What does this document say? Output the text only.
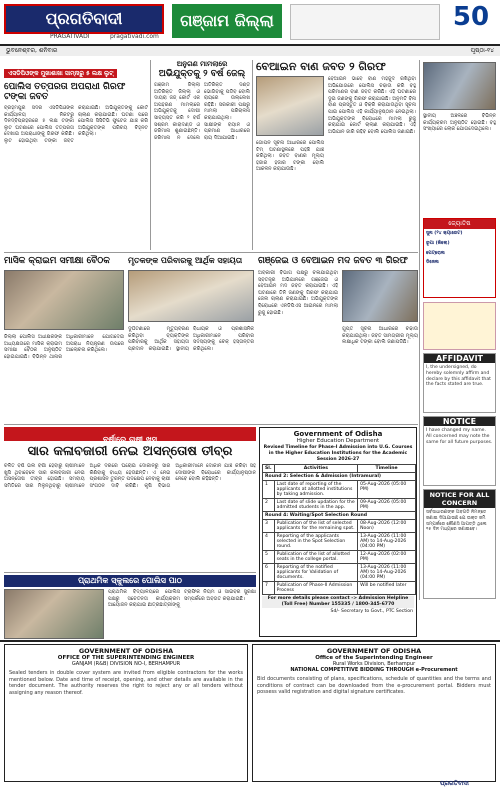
ପ୍ରଗତିବାଦୀ
PRAGATIVADI	pragativadi.com
ଗଞ୍ଜାମ ଜିଲ୍ଲା	50
ଭୁବନେଶ୍ବର, ଶନିବାର	ପୃଷ୍ଠା-୧୪
ଏସଡିପିଓଙ୍କ ମୁଖାଶାଖା ସାମ୍ନାରୁ ୫ ଲକ୍ଷ ଲୁଟ୍
ପୋଲିସ ତତ୍ପରତା ଅପରାଧୀ ଗିରଫ ଟଙ୍କା ଜବତ
ବ୍ରହ୍ମପୁର ସଦର ଏସଡିପିଓଙ୍କ କାର୍ଯ୍ୟାଳୟ ନିକଟରୁ ଦିନଦ୍ବିପ୍ରହରରେ ୫ ଲକ୍ଷ ଟଙ୍କା ଲୁଟ ଘଟଣାରେ ପୋଲିସ ତତ୍ପରତା ଦେଖାଇ ଅପରାଧୀଙ୍କୁ ଗିରଫ କରିଛି। ଲୁଟ ହୋଇଥିବା ଟଙ୍କା ଜବତ କରାଯାଇଛି। ଅଭିଯୁକ୍ତଙ୍କୁ କୋର୍ଟ ଚାଲାଣ କରାଯାଇଛି। ଘଟଣା ପରେ ପୋଲିସ ସିସିଟିଭି ଫୁଟେଜ ଯାଞ୍ଚ କରି ଅଭିଯୁକ୍ତଙ୍କ ପରିଚୟ ଚିହ୍ନଟ କରିଥିଲା।
ଅନୁଗଣ ମାମଲାରେ
ଅଭିଯୁକ୍ତକୁ ୨ ବର୍ଷ ଜେଲ୍
ଗଞ୍ଜାମ ଜିଲ୍ଲା ଅତିରିକ୍ତ ଜିଲ୍ଲା ଓ ଦାୟରା ଜଜ୍ କୋର୍ଟ ଏକ ଅପହରଣ ମାମଲାରେ ଅଭିଯୁକ୍ତକୁ ଦୋଷୀ ସାବ୍ୟସ୍ତ କରି ୨ ବର୍ଷ ସଶ୍ରମ କାରାଦଣ୍ଡ ଓ ଜରିମାନା ଶୁଣାଇଛନ୍ତି। ଜରିମାନା ନ ଦେଲେ ଅତିରିକ୍ତ ଦଣ୍ଡ ଭୋଗିବାକୁ ପଡିବ ବୋଲି ରାୟରେ ଉଲ୍ଲେଖ ରହିଛି। ସରକାରୀ ପକ୍ଷରୁ ମାମଲା ପରିଚାଳନା କରାଯାଇଥିଲା। ସାକ୍ଷୀଙ୍କ ବୟାନ ଓ ପ୍ରମାଣ ଆଧାରରେ ରାୟ ଦିଆଯାଇଛି।
ବେଆଇନ ବାଣ ଜବତ ୨ ଗିରଫ
ବେଆଇନ ଭାବେ ବାଣ ମହଜୁଦ ରଖିଥିବା ଅଭିଯୋଗରେ ପୋଲିସ ଚଢାଉ କରି ବହୁ ପରିମାଣର ବାଣ ଜବତ କରିଛି। ଏହି ଘଟଣାରେ ଦୁଇ ଜଣଙ୍କୁ ଗିରଫ କରାଯାଇଛି। ଅନୁମତି ବିନା ବାଣ ପ୍ରସ୍ତୁତ ଓ ବିକ୍ରି କରାଯାଉଥିବା ସୂଚନା ପାଇ ପୋଲିସ ଏହି କାର୍ଯ୍ୟାନୁଷ୍ଠାନ ନେଇଥିଲା। ଅଭିଯୁକ୍ତଙ୍କ ବିରୋଧରେ ମାମଲା ରୁଜୁ କରାଯାଇ କୋର୍ଟ ଚାଲାଣ କରାଯାଇଛି। ଏହି ଅଭିଯାନ ଜାରି ରହିବ ବୋଲି ପୋଲିସ ଜଣାଇଛି।
ଗୋପନ ସୂଚନା ଆଧାରରେ ପୋଲିସ ଟିମ୍ ଘଟଣାସ୍ଥଳରେ ପହଞ୍ଚି ଯାଞ୍ଚ କରିଥିଲା। ଜବତ ବାଣର ମୂଲ୍ୟ ହଜାର ହଜାର ଟଙ୍କା ବୋଲି ଆକଳନ କରାଯାଉଛି।
ସ୍ଥାନୀୟ ଅଞ୍ଚଳରେ ବିଭିନ୍ନ କାର୍ଯ୍ୟକ୍ରମ ଅନୁଷ୍ଠିତ ହୋଇଛି। ବହୁ ସଂଖ୍ୟାରେ ଲୋକ ଯୋଗଦେଇଥିଲେ।
ଜ୍ୟୋତିଷ
ସୁନା (୨୪ କ୍ୟାରେଟ)
ରୂପା (କିଲୋ)
ପେଟ୍ରୋଲ
ଡିଜେଲ
AFFIDAVIT
I, the undersigned, do hereby solemnly affirm and declare by this affidavit that the facts stated are true.
NOTICE
I have changed my name. All concerned may note the same for all future purposes.
NOTICE FOR ALL CONCERN
ସର୍ବସାଧାରଣଙ୍କ ଅବଗତି ନିମନ୍ତେ ଜଣାଇ ଦିଆଯାଉଛି ଯେ ଉକ୍ତ ଜମି ସମ୍ପର୍କରେ କୌଣସି ଆପତ୍ତି ଥିଲେ ୧୫ ଦିନ ମଧ୍ୟରେ ଜଣାଇବେ।
ମାସିକ କ୍ରାଇମ ସମୀକ୍ଷା ବୈଠକ
ଜିଲ୍ଲା ପୋଲିସ ଅଧୀକ୍ଷକଙ୍କ ଅଧ୍ୟକ୍ଷତାରେ ମାସିକ କ୍ରାଇମ ସମୀକ୍ଷା ବୈଠକ ଅନୁଷ୍ଠିତ ହୋଇଯାଇଛି। ବିଭିନ୍ନ ଥାନାର ଅଧିକାରୀମାନେ ଯୋଗଦେଇ ଅପରାଧ ନିୟନ୍ତ୍ରଣ ଉପରେ ଆଲୋଚନା କରିଥିଲେ।
ମୃତକଙ୍କ ପରିବାରକୁ ଆର୍ଥିକ ସହାୟତା
ଦୁର୍ଘଟଣାରେ ମୃତ୍ୟୁବରଣ କରିଥିବା ବ୍ୟକ୍ତିଙ୍କ ପରିବାରକୁ ଆର୍ଥିକ ସହାୟତା ପ୍ରଦାନ କରାଯାଇଛି। ସ୍ଥାନୀୟ ବିଧାୟକ ଓ ପ୍ରଶାସନିକ ଅଧିକାରୀମାନେ ପରିବାର ସଦସ୍ୟଙ୍କୁ ଚେକ୍ ହସ୍ତାନ୍ତର କରିଥିଲେ।
ଗଞ୍ଜେଇ ଓ ବେଆଇନ ମଦ ଜବତ ୩ ଗିରଫ
ଅବକାରୀ ବିଭାଗ ପକ୍ଷରୁ ଚଳାଯାଇଥିବା ସ୍ବତନ୍ତ୍ର ଅଭିଯାନରେ ଗଞ୍ଜେଇ ଓ ବେଆଇନ ମଦ ଜବତ କରାଯାଇଛି। ଏହି ଘଟଣାରେ ତିନି ଜଣଙ୍କୁ ଗିରଫ କରାଯାଇ ଜେଲ ଚାଲାଣ କରାଯାଇଛି। ଅଭିଯୁକ୍ତଙ୍କ ବିରୋଧରେ ଏନଡିପିଏସ ଆଇନରେ ମାମଲା ରୁଜୁ ହୋଇଛି।
ଗୁପ୍ତ ସୂଚନା ଆଧାରରେ ଚଢାଉ କରାଯାଇଥିଲା। ଜବତ ସାମଗ୍ରୀର ମୂଲ୍ୟ ଲକ୍ଷାଧିକ ଟଙ୍କା ବୋଲି ଜଣାପଡିଛି।
ବର୍ଷାରେ ଚାଷୀ ଖୁସ
ସାର କଳାବଜାରୀ ନେଇ ଅସନ୍ତୋଷ ତୀବ୍ର
ଚଳିତ ବର୍ଷ ଭଲ ବର୍ଷା ହେବାରୁ ଚାଷୀମାନେ ଖୁସି ଥିବାବେଳେ ସାର କଳାବଜାରୀ ନେଇ ଅସନ୍ତୋଷ ତୀବ୍ର ହୋଇଛି। ସମବାୟ ସମିତିରେ ସାର ମିଳୁନଥିବାରୁ ଚାଷୀମାନେ ଅଧିକ ଦରରେ ଘରୋଇ ଦୋକାନରୁ ସାର କିଣିବାକୁ ବାଧ୍ୟ ହେଉଛନ୍ତି। ଏ ନେଇ ପ୍ରଶାସନ ତୁରନ୍ତ ପଦକ୍ଷେପ ନେବାକୁ ଚାଷୀ ସଂଗଠନ ଦାବି କରିଛି। କୃଷି ବିଭାଗ ଅଧିକାରୀମାନେ ଦୋକାନ ଯାଞ୍ଚ କରିବା ସହ ଦୋଷୀଙ୍କ ବିରୋଧରେ କାର୍ଯ୍ୟାନୁଷ୍ଠାନ ନେବେ ବୋଲି କହିଛନ୍ତି।
ପ୍ରାଥମିକ ସ୍କୁଲରେ ପୋଲିସ ପାଠ
ପ୍ରାଥମିକ ବିଦ୍ୟାଳୟରେ ପୋଲିସ ପକ୍ଷରୁ ସଚେତନତା କାର୍ଯ୍ୟକ୍ରମ ଆୟୋଜନ କରାଯାଇ ଛାତ୍ରଛାତ୍ରୀଙ୍କୁ ଟ୍ରାଫିକ ନିୟମ ଓ ସାଇବର ସୁରକ୍ଷା ସମ୍ପର୍କରେ ଅବଗତ କରାଯାଇଛି।
Government of Odisha
Higher Education Department
Revised Timeline for Phase-I Admission into U.G. Courses in the Higher Education Institutions for the Academic Session 2026-27
Sl.	Activities	Timeline
Round 2: Selection & Admission (Intramural)		
1	Last date of reporting of the applicants at allotted institutions by taking admission.	05-Aug-2026 (05:00 PM)
2	Last date of slide updation for the admitted students in the app.	09-Aug-2026 (05:00 PM)
Round 4: Waiting/Spot Selection Round		
3	Publication of the list of selected applicants for the remaining spot.	08-Aug-2026 (12:00 Noon)
4	Reporting of the applicants selected in the Spot Selection round.	13-Aug-2026 (11:00 AM) to 14-Aug-2026 (04:00 PM)
5	Publication of the list of allotted seats in the college portal.	12-Aug-2026 (02:00 PM)
6	Reporting of the notified applicants for Validation of documents.	13-Aug-2026 (11:00 AM) to 14-Aug-2026 (04:00 PM)
7	Publication of Phase-II Admission Process	Will be notified later
For more details please contact -> Admission Helpline (Toll Free) Number 155335 / 1800-345-6770
Sd/- Secretary to Govt., PTC Section
GOVERNMENT OF ODISHA
OFFICE OF THE SUPERINTENDING ENGINEER
GANJAM (R&B) DIVISION NO-I, BERHAMPUR
Sealed tenders in double cover system are invited from eligible contractors for the works mentioned below. Date and time of receipt, opening, and other details are available in the tender document. The authority reserves the right to reject any or all tenders without assigning any reason thereof.
GOVERNMENT OF ODISHA
Office of the Superintending Engineer
Rural Works Division, Berhampur
NATIONAL COMPETITIVE BIDDING THROUGH e-Procurement
Bid documents consisting of plans, specifications, schedule of quantities and the terms and conditions of contract can be downloaded from the e-procurement portal. Bidders must possess valid registration and digital signature certificates.
ପ୍ରଗତିବାଦୀ
